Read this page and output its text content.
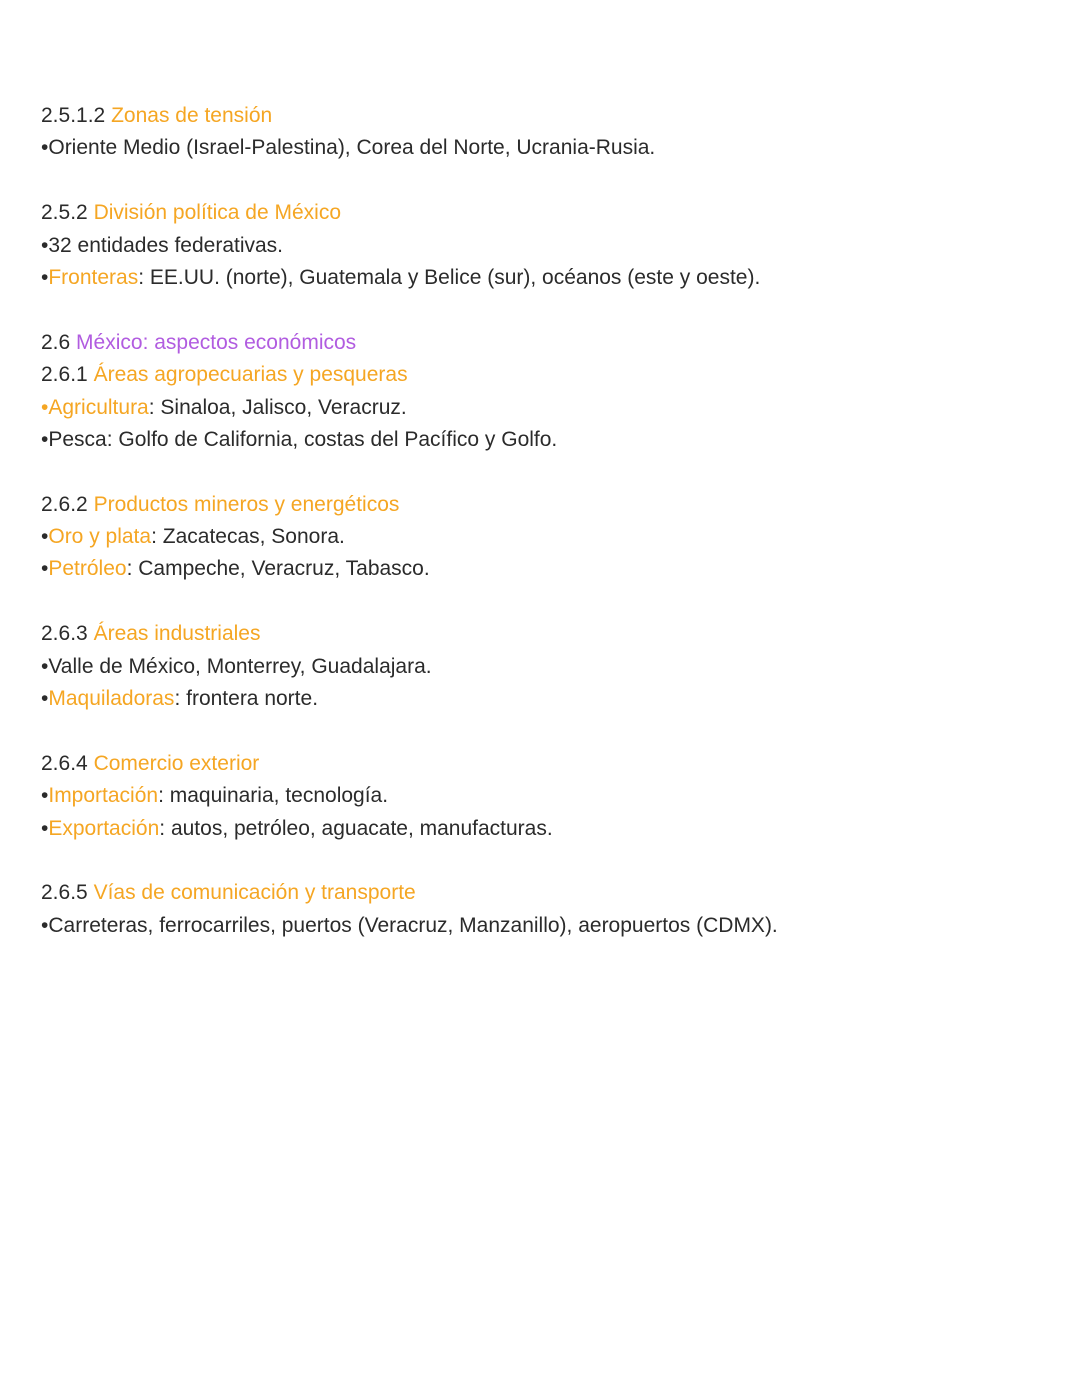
2.5.1.2 Zonas de tensión
•Oriente Medio (Israel-Palestina), Corea del Norte, Ucrania-Rusia.
2.5.2 División política de México
•32 entidades federativas.
•Fronteras: EE.UU. (norte), Guatemala y Belice (sur), océanos (este y oeste).
2.6 México: aspectos económicos
2.6.1 Áreas agropecuarias y pesqueras
•Agricultura: Sinaloa, Jalisco, Veracruz.
•Pesca: Golfo de California, costas del Pacífico y Golfo.
2.6.2 Productos mineros y energéticos
•Oro y plata: Zacatecas, Sonora.
•Petróleo: Campeche, Veracruz, Tabasco.
2.6.3 Áreas industriales
•Valle de México, Monterrey, Guadalajara.
•Maquiladoras: frontera norte.
2.6.4 Comercio exterior
•Importación: maquinaria, tecnología.
•Exportación: autos, petróleo, aguacate, manufacturas.
2.6.5 Vías de comunicación y transporte
•Carreteras, ferrocarriles, puertos (Veracruz, Manzanillo), aeropuertos (CDMX).
